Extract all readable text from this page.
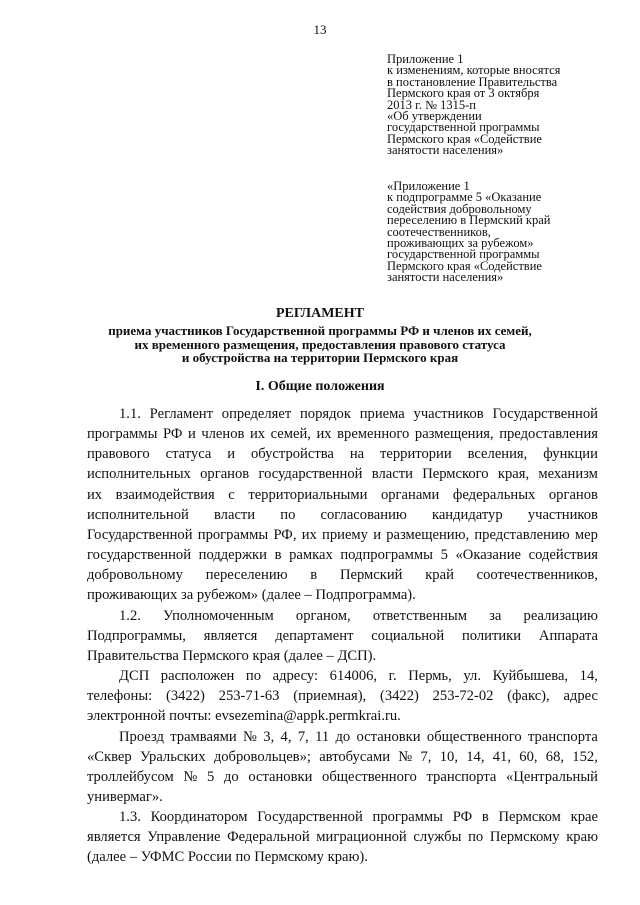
13
Приложение 1
к изменениям, которые вносятся
в постановление Правительства
Пермского края от 3 октября
2013 г. № 1315-п
«Об утверждении
государственной программы
Пермского края «Содействие
занятости населения»
«Приложение 1
к подпрограмме 5 «Оказание
содействия добровольному
переселению в Пермский край
соотечественников,
проживающих за рубежом»
государственной программы
Пермского края «Содействие
занятости населения»
РЕГЛАМЕНТ
приема участников Государственной программы РФ и членов их семей,
их временного размещения, предоставления правового статуса
и обустройства на территории Пермского края
I. Общие положения
1.1. Регламент определяет порядок приема участников Государственной
программы РФ и членов их семей, их временного размещения, предоставления
правового статуса и обустройства на территории вселения, функции
исполнительных органов государственной власти Пермского края, механизм
их взаимодействия с территориальными органами федеральных органов
исполнительной власти по согласованию кандидатур участников
Государственной программы РФ, их приему и размещению, представлению мер
государственной поддержки в рамках подпрограммы 5 «Оказание содействия
добровольному переселению в Пермский край соотечественников,
проживающих за рубежом» (далее – Подпрограмма).
1.2. Уполномоченным органом, ответственным за реализацию
Подпрограммы, является департамент социальной политики Аппарата
Правительства Пермского края (далее – ДСП).
ДСП расположен по адресу: 614006, г. Пермь, ул. Куйбышева, 14,
телефоны: (3422) 253-71-63 (приемная), (3422) 253-72-02 (факс), адрес
электронной почты: evsezemina@appk.permkrai.ru.
Проезд трамваями № 3, 4, 7, 11 до остановки общественного транспорта
«Сквер Уральских добровольцев»; автобусами № 7, 10, 14, 41, 60, 68, 152,
троллейбусом № 5 до остановки общественного транспорта «Центральный
универмаг».
1.3. Координатором Государственной программы РФ в Пермском крае
является Управление Федеральной миграционной службы по Пермскому краю
(далее – УФМС России по Пермскому краю).
